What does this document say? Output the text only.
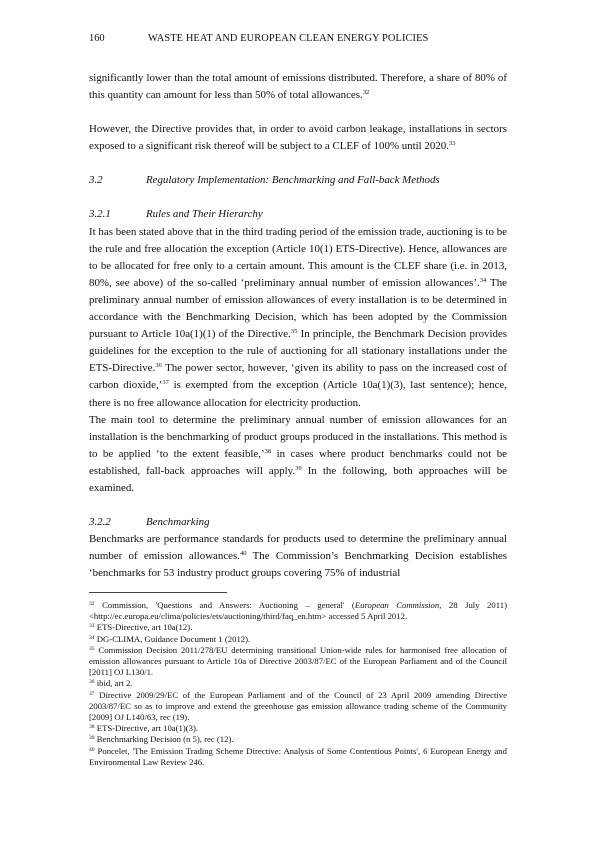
160	WASTE HEAT AND EUROPEAN CLEAN ENERGY POLICIES

significantly lower than the total amount of emissions distributed. Therefore, a share of 80% of this quantity can amount for less than 50% of total allowances.$^{32}$

However, the Directive provides that, in order to avoid carbon leakage, installations in sectors exposed to a significant risk thereof will be subject to a CLEF of 100% until 2020.33

3.2	Regulatory Implementation: Benchmarking and Fall-back Methods
3.2.1	Rules and Their Hierarchy

It has been stated above that in the third trading period of the emission trade, auctioning is to be the rule and free allocation the exception (Article 10(1) ETS-Directive). Hence, allowances are to be allocated for free only to a certain amount. This amount is the CLEF share (i.e. in 2013, 80%, see above) of the so-called ‘preliminary annual number of emission allowances’.$^{34}$ The preliminary annual number of emission allowances of every installation is to be determined in accordance with the Benchmarking Decision, which has been adopted by the Commission pursuant to Article 10a(1)(1) of the Directive.$^{35}$ In principle, the Benchmark Decision provides guidelines for the exception to the rule of auctioning for all stationary installations under the ETS-Directive.$^{36}$ The power sector, however, ‘given its ability to pass on the increased cost of carbon dioxide,’$^{37}$ is exempted from the exception (Article 10a(1)(3), last sentence); hence, there is no free allowance allocation for electricity production.

The main tool to determine the preliminary annual number of emission allowances for an installation is the benchmarking of product groups produced in the installations. This method is to be applied ‘to the extent feasible,’$^{38}$ in cases where product benchmarks could not be established, fall-back approaches will apply.$^{39}$ In the following, both approaches will be examined.

3.2.2	Benchmarking

Benchmarks are performance standards for products used to determine the preliminary annual number of emission allowances.$^{40}$ The Commission’s Benchmarking Decision establishes ‘benchmarks for 53 industry product groups covering 75% of industrial

$^{32}$ Commission, 'Questions and Answers: Auctioning – general' (European Commission, 28 July 2011) <http://ec.europa.eu/clima/policies/ets/auctioning/third/faq_en.htm> accessed 5 April 2012.

$^{33}$ ETS-Directive, art 10a(12).

$^{34}$ DG-CLIMA, Guidance Document 1 (2012).

$^{35}$ Commission Decision 2011/278/EU determining transitional Union-wide rules for harmonised free allocation of emission allowances pursuant to Article 10a of Directive 2003/87/EC of the European Parliament and of the Council [2011] OJ L130/1.

$^{36}$ ibid, art 2.

$^{37}$ Directive 2009/29/EC of the European Parliament and of the Council of 23 April 2009 amending Directive 2003/87/EC so as to improve and extend the greenhouse gas emission allowance trading scheme of the Community [2009] OJ L140/63, rec (19).

$^{38}$ ETS-Directive, art 10a(1)(3).

$^{39}$ Benchmarking Decision (n 5), rec (12).

$^{40}$ Poncelet, 'The Emission Trading Scheme Directive: Analysis of Some Contentious Points', 6 European Energy and Environmental Law Review 246.
